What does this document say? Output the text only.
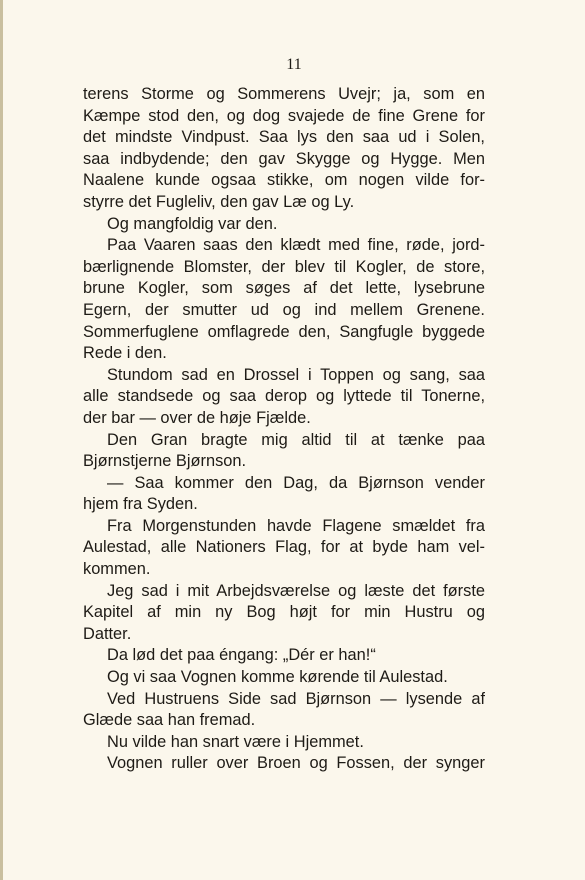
11
terens Storme og Sommerens Uvejr; ja, som en
Kæmpe stod den, og dog svajede de fine Grene for
det mindste Vindpust. Saa lys den saa ud i Solen,
saa indbydende; den gav Skygge og Hygge. Men
Naalene kunde ogsaa stikke, om nogen vilde for-
styrre det Fugleliv, den gav Læ og Ly.
Og mangfoldig var den.
Paa Vaaren saas den klædt med fine, røde, jord-
bærlignende Blomster, der blev til Kogler, de store,
brune Kogler, som søges af det lette, lysebrune
Egern, der smutter ud og ind mellem Grenene.
Sommerfuglene omflagrede den, Sangfugle byggede
Rede i den.
Stundom sad en Drossel i Toppen og sang, saa
alle standsede og saa derop og lyttede til Tonerne,
der bar — over de høje Fjælde.
Den Gran bragte mig altid til at tænke paa
Bjørnstjerne Bjørnson.
— Saa kommer den Dag, da Bjørnson vender
hjem fra Syden.
Fra Morgenstunden havde Flagene smældet fra
Aulestad, alle Nationers Flag, for at byde ham vel-
kommen.
Jeg sad i mit Arbejdsværelse og læste det første
Kapitel af min ny Bog højt for min Hustru og
Datter.
Da lød det paa éngang: „Dér er han!“
Og vi saa Vognen komme kørende til Aulestad.
Ved Hustruens Side sad Bjørnson — lysende af
Glæde saa han fremad.
Nu vilde han snart være i Hjemmet.
Vognen ruller over Broen og Fossen, der synger
